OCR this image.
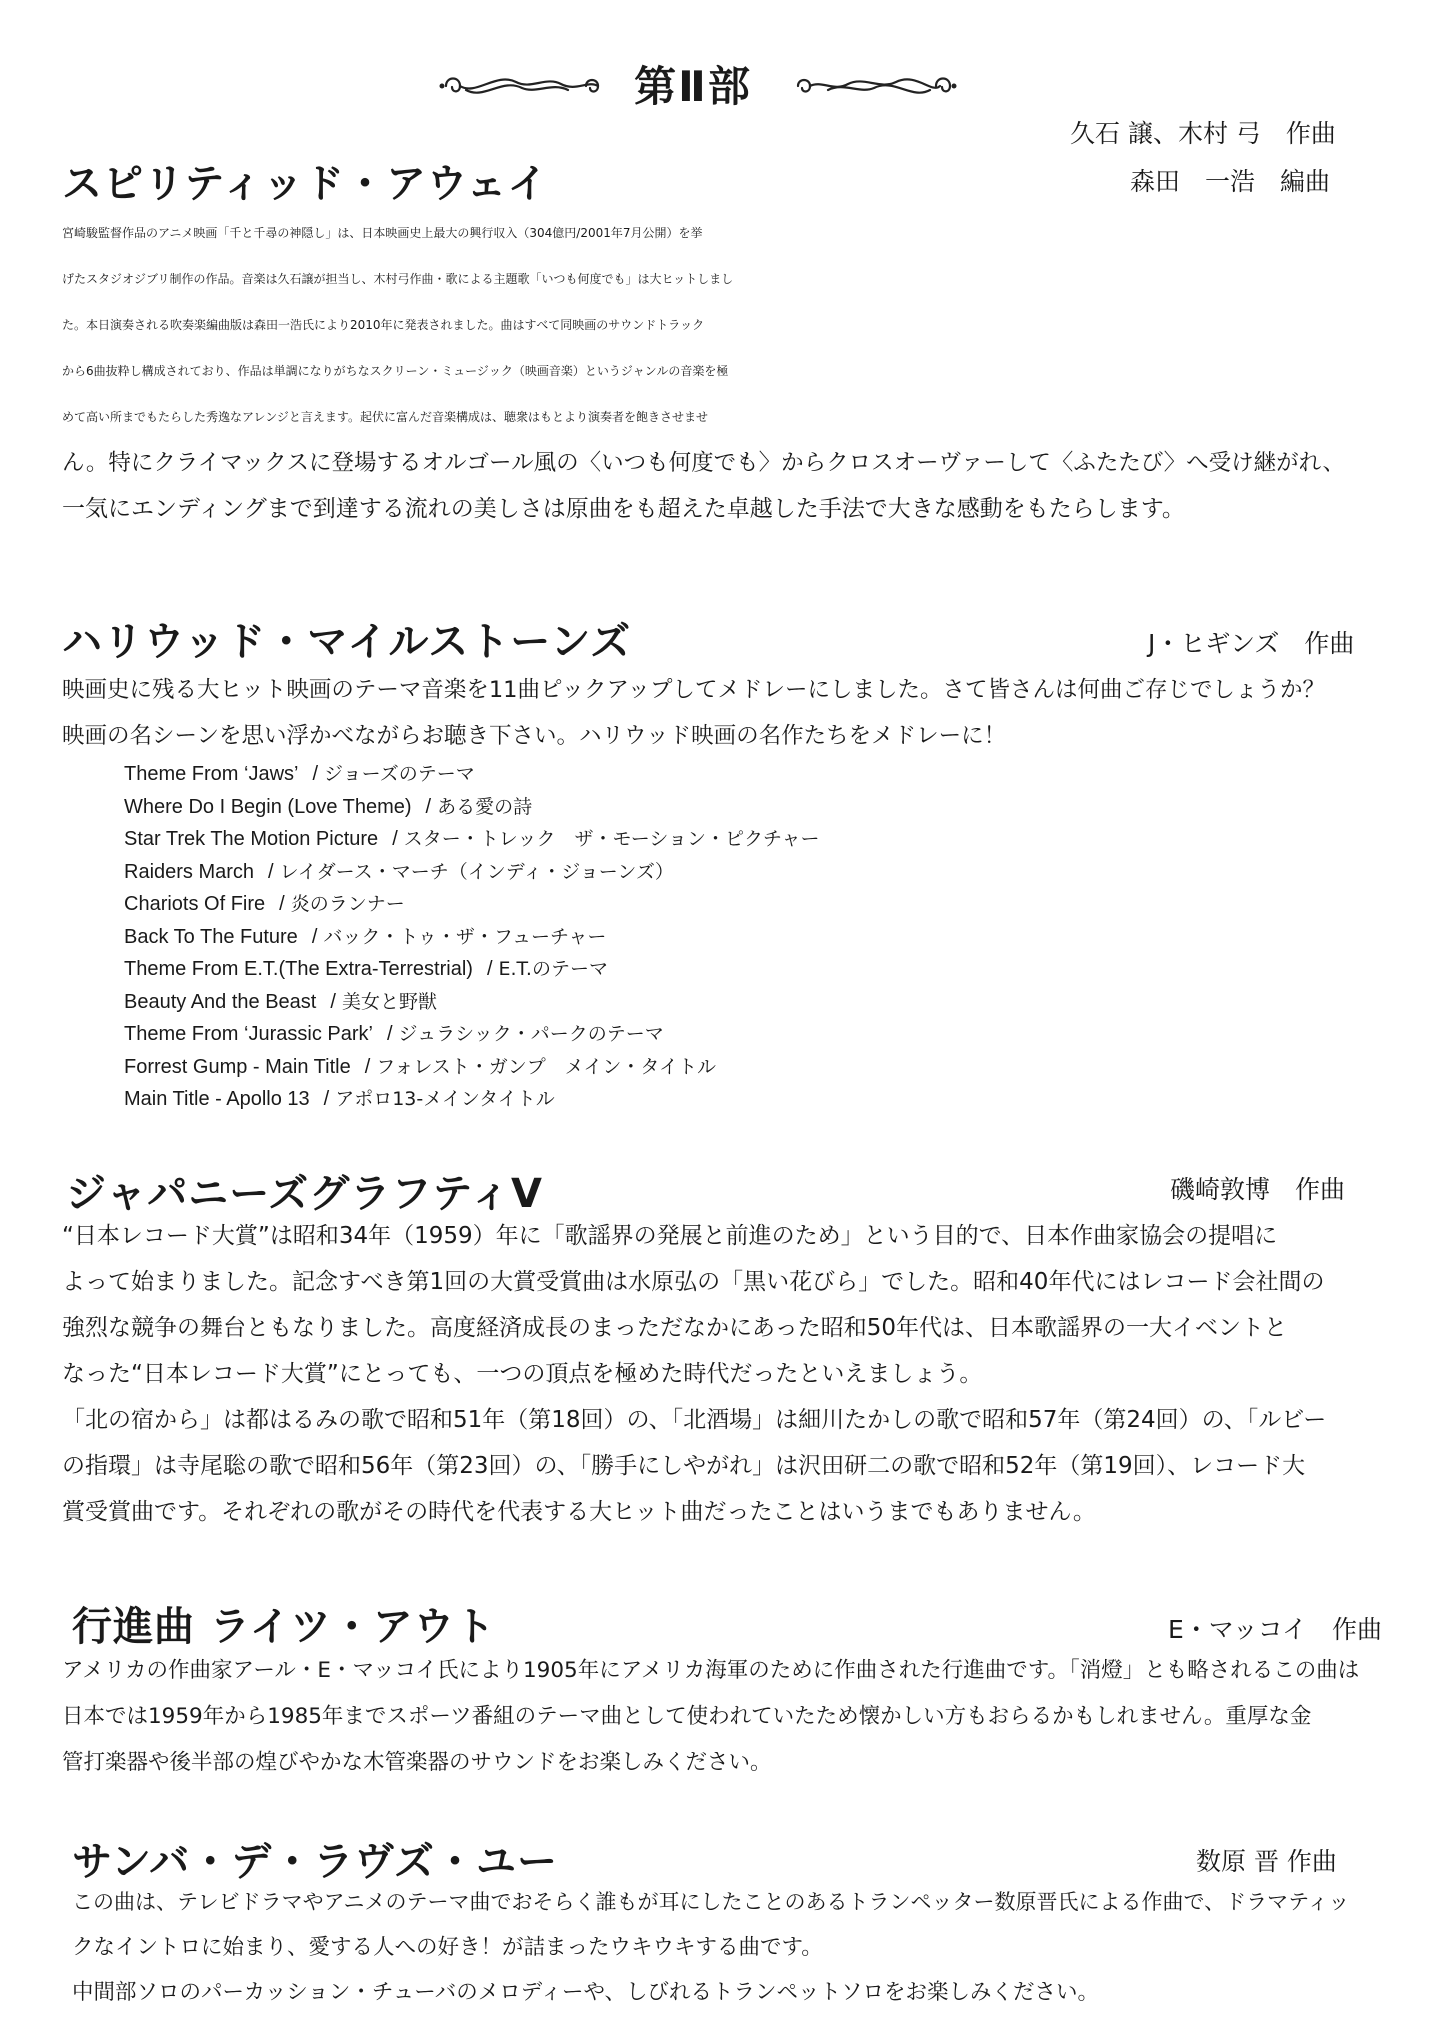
第Ⅱ部
久石 譲、木村 弓　作曲
スピリティッド・アウェイ	森田　一浩　編曲
宮崎駿監督作品のアニメ映画「千と千尋の神隠し」は、日本映画史上最大の興行収入（304億円/2001年7月公開）を挙
げたスタジオジブリ制作の作品。音楽は久石譲が担当し、木村弓作曲・歌による主題歌「いつも何度でも」は大ヒットしまし
た。本日演奏される吹奏楽編曲版は森田一浩氏により2010年に発表されました。曲はすべて同映画のサウンドトラック
から6曲抜粋し構成されており、作品は単調になりがちなスクリーン・ミュージック（映画音楽）というジャンルの音楽を極
めて高い所までもたらした秀逸なアレンジと言えます。起伏に富んだ音楽構成は、聴衆はもとより演奏者を飽きさせませ
ん。特にクライマックスに登場するオルゴール風の〈いつも何度でも〉からクロスオーヴァーして〈ふたたび〉へ受け継がれ、
一気にエンディングまで到達する流れの美しさは原曲をも超えた卓越した手法で大きな感動をもたらします。
ハリウッド・マイルストーンズ	J・ヒギンズ　作曲
映画史に残る大ヒット映画のテーマ音楽を11曲ピックアップしてメドレーにしました。さて皆さんは何曲ご存じでしょうか？
映画の名シーンを思い浮かべながらお聴き下さい。ハリウッド映画の名作たちをメドレーに！
Theme From ‘Jaws’ / ジョーズのテーマ
Where Do I Begin (Love Theme) / ある愛の詩
Star Trek The Motion Picture / スター・トレック　ザ・モーション・ピクチャー
Raiders March / レイダース・マーチ（インディ・ジョーンズ）
Chariots Of Fire / 炎のランナー
Back To The Future / バック・トゥ・ザ・フューチャー
Theme From E.T.(The Extra-Terrestrial) / E.T.のテーマ
Beauty And the Beast / 美女と野獣
Theme From ‘Jurassic Park’ / ジュラシック・パークのテーマ
Forrest Gump - Main Title / フォレスト・ガンプ　メイン・タイトル
Main Title - Apollo 13 / アポロ13‐メインタイトル
ジャパニーズグラフティⅤ	磯崎敦博　作曲
“日本レコード大賞”は昭和34年（1959）年に「歌謡界の発展と前進のため」という目的で、日本作曲家協会の提唱に
よって始まりました。記念すべき第1回の大賞受賞曲は水原弘の「黒い花びら」でした。昭和40年代にはレコード会社間の
強烈な競争の舞台ともなりました。高度経済成長のまっただなかにあった昭和50年代は、日本歌謡界の一大イベントと
なった“日本レコード大賞”にとっても、一つの頂点を極めた時代だったといえましょう。
「北の宿から」は都はるみの歌で昭和51年（第18回）の、「北酒場」は細川たかしの歌で昭和57年（第24回）の、「ルビー
の指環」は寺尾聡の歌で昭和56年（第23回）の、「勝手にしやがれ」は沢田研二の歌で昭和52年（第19回）、レコード大
賞受賞曲です。それぞれの歌がその時代を代表する大ヒット曲だったことはいうまでもありません。
行進曲 ライツ・アウト	E・マッコイ　作曲
アメリカの作曲家アール・E・マッコイ氏により1905年にアメリカ海軍のために作曲された行進曲です。「消燈」とも略されるこの曲は
日本では1959年から1985年までスポーツ番組のテーマ曲として使われていたため懐かしい方もおらるかもしれません。重厚な金
管打楽器や後半部の煌びやかな木管楽器のサウンドをお楽しみください。
サンバ・デ・ラヴズ・ユー	数原 晋 作曲
この曲は、テレビドラマやアニメのテーマ曲でおそらく誰もが耳にしたことのあるトランペッター数原晋氏による作曲で、ドラマティッ
クなイントロに始まり、愛する人への好き！が詰まったウキウキする曲です。
中間部ソロのパーカッション・チューバのメロディーや、しびれるトランペットソロをお楽しみください。
